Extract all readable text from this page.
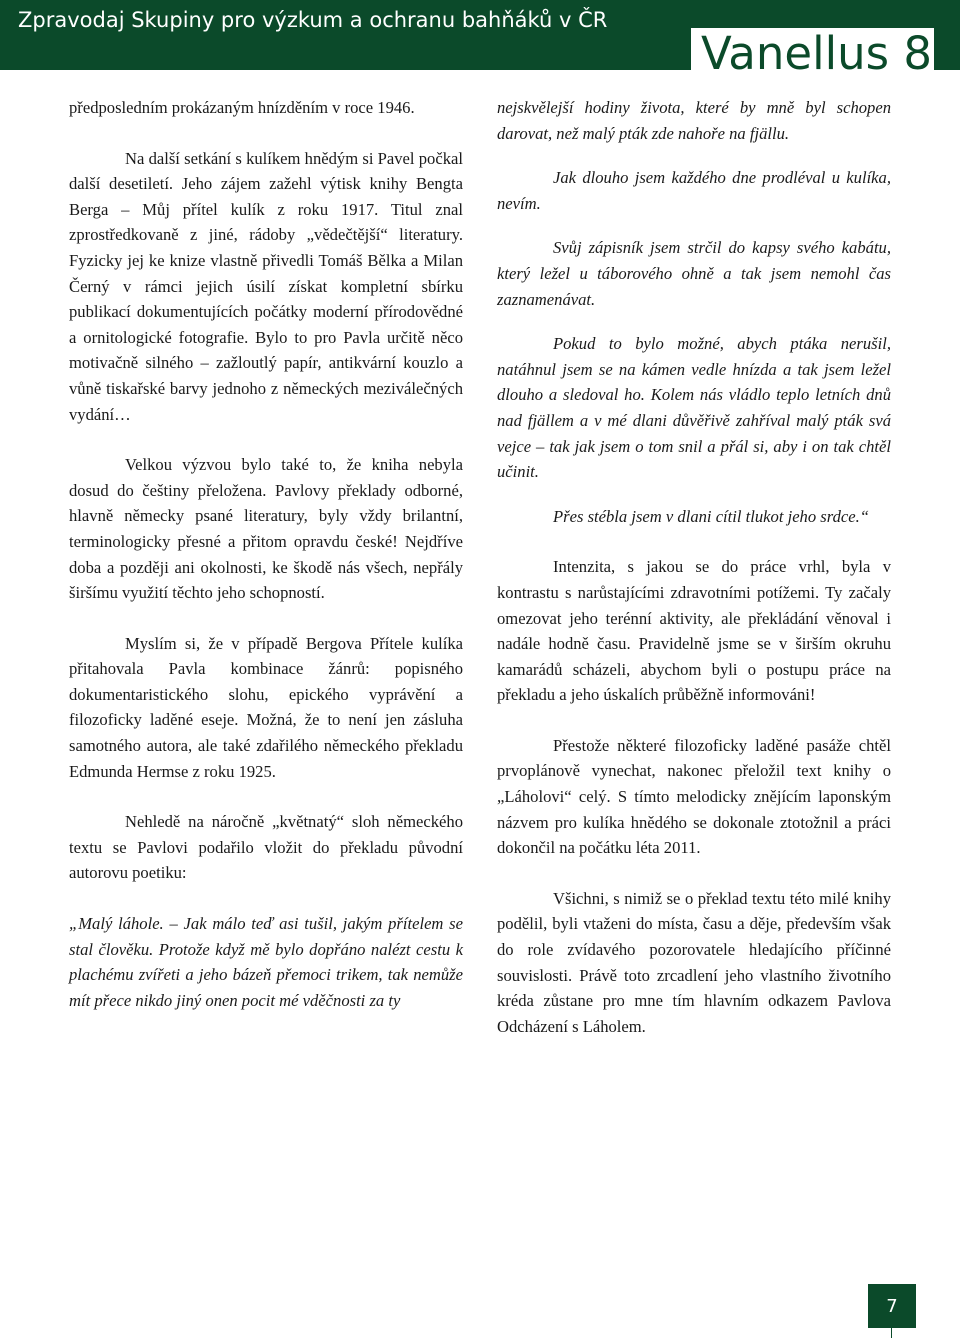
Zpravodaj Skupiny pro výzkum a ochranu bahňáků v ČR
Vanellus 8

předposledním prokázaným hnízděním v roce 1946.

Na další setkání s kulíkem hnědým si Pavel počkal další desetiletí. Jeho zájem zažehl výtisk knihy Bengta Berga – Můj přítel kulík z roku 1917. Titul znal zprostředkovaně z jiné, rádoby „vědečtější“ literatury. Fyzicky jej ke knize vlastně přivedli Tomáš Bělka a Milan Černý v rámci jejich úsilí získat kompletní sbírku publikací dokumentujících počátky moderní přírodovědné a ornitologické fotografie. Bylo to pro Pavla určitě něco motivačně silného – zažloutlý papír, antikvární kouzlo a vůně tiskařské barvy jednoho z německých meziválečných vydání…

Velkou výzvou bylo také to, že kniha nebyla dosud do češtiny přeložena. Pavlovy překlady odborné, hlavně německy psané literatury, byly vždy brilantní, terminologicky přesné a přitom opravdu české! Nejdříve doba a později ani okolnosti, ke škodě nás všech, nepřály širšímu využití těchto jeho schopností.

Myslím si, že v případě Bergova Přítele kulíka přitahovala Pavla kombinace žánrů: popisného dokumentaristického slohu, epického vyprávění a filozoficky laděné eseje. Možná, že to není jen zásluha samotného autora, ale také zdařilého německého překladu Edmunda Hermse z roku 1925.

Nehledě na náročně „květnatý“ sloh německého textu se Pavlovi podařilo vložit do překladu původní autorovu poetiku:

„Malý láhole. – Jak málo teď asi tušil, jakým přítelem se stal člověku. Protože když mě bylo dopřáno nalézt cestu k plachému zvířeti a jeho bázeň přemoci trikem, tak nemůže mít přece nikdo jiný onen pocit mé vděčnosti za ty

nejskvělejší hodiny života, které by mně byl schopen darovat, než malý pták zde nahoře na fjällu.

Jak dlouho jsem každého dne prodléval u kulíka, nevím.

Svůj zápisník jsem strčil do kapsy svého kabátu, který ležel u táborového ohně a tak jsem nemohl čas zaznamenávat.

Pokud to bylo možné, abych ptáka nerušil, natáhnul jsem se na kámen vedle hnízda a tak jsem ležel dlouho a sledoval ho. Kolem nás vládlo teplo letních dnů nad fjällem a v mé dlani důvěřivě zahříval malý pták svá vejce – tak jak jsem o tom snil a přál si, aby i on tak chtěl učinit.

Přes stébla jsem v dlani cítil tlukot jeho srdce.“

Intenzita, s jakou se do práce vrhl, byla v kontrastu s narůstajícími zdravotními potížemi. Ty začaly omezovat jeho terénní aktivity, ale překládání věnoval i nadále hodně času. Pravidelně jsme se v širším okruhu kamarádů scházeli, abychom byli o postupu práce na překladu a jeho úskalích průběžně informováni!

Přestože některé filozoficky laděné pasáže chtěl prvoplánově vynechat, nakonec přeložil text knihy o „Láholovi“ celý. S tímto melodicky znějícím laponským názvem pro kulíka hnědého se dokonale ztotožnil a práci dokončil na počátku léta 2011.

Všichni, s nimiž se o překlad textu této milé knihy podělil, byli vtaženi do místa, času a děje, především však do role zvídavého pozorovatele hledajícího příčinné souvislosti. Právě toto zrcadlení jeho vlastního životního kréda zůstane pro mne tím hlavním odkazem Pavlova Odcházení s Láholem.

7
